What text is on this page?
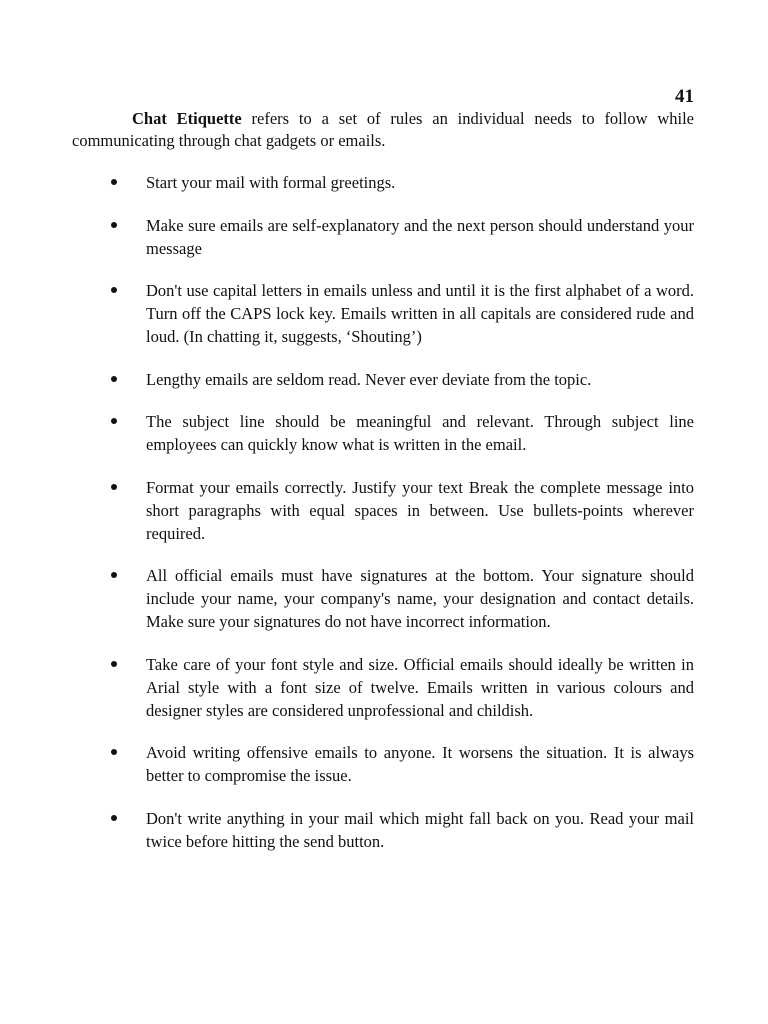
41

Chat Etiquette refers to a set of rules an individual needs to follow while communicating through chat gadgets or emails.

Start your mail with formal greetings.
Make sure emails are self-explanatory and the next person should understand your message
Don't use capital letters in emails unless and until it is the first alphabet of a word. Turn off the CAPS lock key. Emails written in all capitals are considered rude and loud. (In chatting it, suggests, ‘Shouting’)
Lengthy emails are seldom read. Never ever deviate from the topic.
The subject line should be meaningful and relevant. Through subject line employees can quickly know what is written in the email.
Format your emails correctly. Justify your text Break the complete message into short paragraphs with equal spaces in between. Use bullets-points wherever required.
All official emails must have signatures at the bottom. Your signature should include your name, your company's name, your designation and contact details. Make sure your signatures do not have incorrect information.
Take care of your font style and size. Official emails should ideally be written in Arial style with a font size of twelve. Emails written in various colours and designer styles are considered unprofessional and childish.
Avoid writing offensive emails to anyone. It worsens the situation. It is always better to compromise the issue.
Don't write anything in your mail which might fall back on you. Read your mail twice before hitting the send button.
